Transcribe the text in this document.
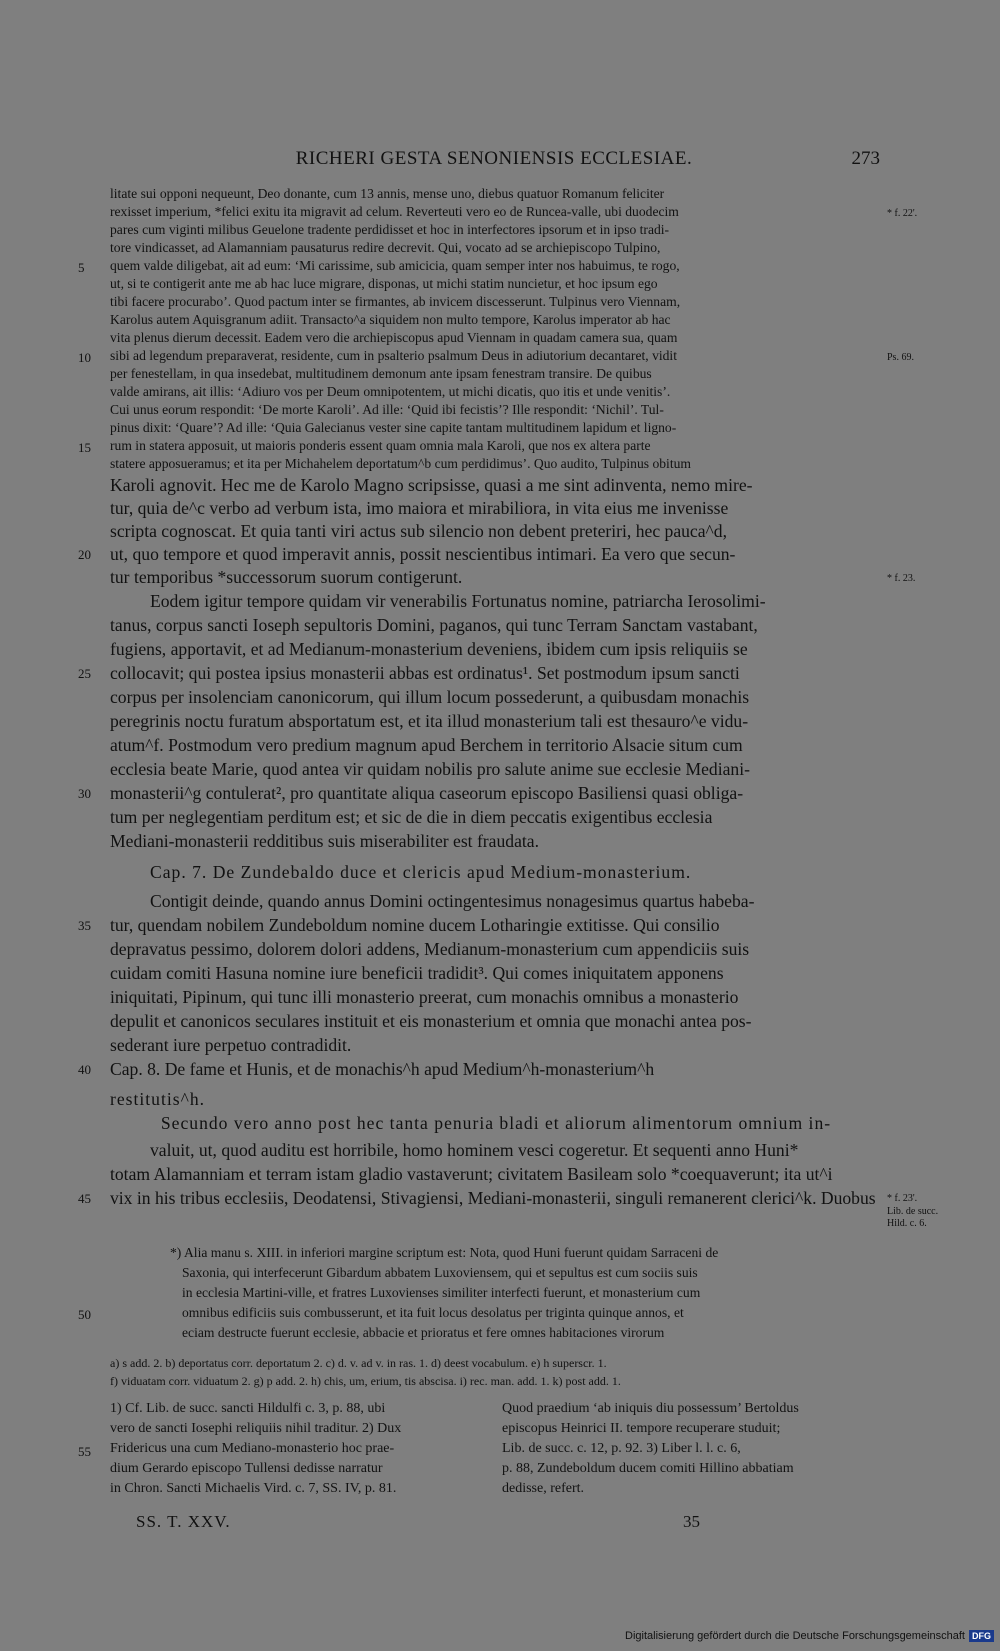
RICHERI GESTA SENONIENSIS ECCLESIAE.	273
litate sui opponi nequeunt, Deo donante, cum 13 annis, mense uno, diebus quatuor Romanum feliciter
rexisset imperium, *felici exitu ita migravit ad celum. Reverteuti vero eo de Runcea-valle, ubi duodecim
pares cum viginti milibus Geuelone tradente perdidisset et hoc in interfectores ipsorum et in ipso tradi-
tore vindicasset, ad Alamanniam pausaturus redire decrevit. Qui, vocato ad se archiepiscopo Tulpino,
quem valde diligebat, ait ad eum: ‘Mi carissime, sub amicicia, quam semper inter nos habuimus, te rogo,
ut, si te contigerit ante me ab hac luce migrare, disponas, ut michi statim nuncietur, et hoc ipsum ego
tibi facere procurabo’. Quod pactum inter se firmantes, ab invicem discesserunt. Tulpinus vero Viennam,
Karolus autem Aquisgranum adiit. Transacto^a siquidem non multo tempore, Karolus imperator ab hac
vita plenus dierum decessit. Eadem vero die archiepiscopus apud Viennam in quadam camera sua, quam
sibi ad legendum preparaverat, residente, cum in psalterio psalmum Deus in adiutorium decantaret, vidit
per fenestellam, in qua insedebat, multitudinem demonum ante ipsam fenestram transire. De quibus
valde amirans, ait illis: ‘Adiuro vos per Deum omnipotentem, ut michi dicatis, quo itis et unde venitis’.
Cui unus eorum respondit: ‘De morte Karoli’. Ad ille: ‘Quid ibi fecistis’? Ille respondit: ‘Nichil’. Tul-
pinus dixit: ‘Quare’? Ad ille: ‘Quia Galecianus vester sine capite tantam multitudinem lapidum et ligno-
rum in statera apposuit, ut maioris ponderis essent quam omnia mala Karoli, que nos ex altera parte
statere apposueramus; et ita per Michahelem deportatum^b cum perdidimus’. Quo audito, Tulpinus obitum
Karoli agnovit. Hec me de Karolo Magno scripsisse, quasi a me sint adinventa, nemo mire-
tur, quia de^c verbo ad verbum ista, imo maiora et mirabiliora, in vita eius me invenisse
scripta cognoscat. Et quia tanti viri actus sub silencio non debent preteriri, hec pauca^d,
ut, quo tempore et quod imperavit annis, possit nescientibus intimari. Ea vero que secun-
tur temporibus *successorum suorum contigerunt.
Eodem igitur tempore quidam vir venerabilis Fortunatus nomine, patriarcha Ierosolimi-
tanus, corpus sancti Ioseph sepultoris Domini, paganos, qui tunc Terram Sanctam vastabant,
fugiens, apportavit, et ad Medianum-monasterium deveniens, ibidem cum ipsis reliquiis se
collocavit; qui postea ipsius monasterii abbas est ordinatus¹. Set postmodum ipsum sancti
corpus per insolenciam canonicorum, qui illum locum possederunt, a quibusdam monachis
peregrinis noctu furatum absportatum est, et ita illud monasterium tali est thesauro^e vidu-
atum^f. Postmodum vero predium magnum apud Berchem in territorio Alsacie situm cum
ecclesia beate Marie, quod antea vir quidam nobilis pro salute anime sue ecclesie Mediani-
monasterii^g contulerat², pro quantitate aliqua caseorum episcopo Basiliensi quasi obliga-
tum per neglegentiam perditum est; et sic de die in diem peccatis exigentibus ecclesia
Mediani-monasterii redditibus suis miserabiliter est fraudata.
Cap. 7. De Zundebaldo duce et clericis apud Medium-monasterium.
Contigit deinde, quando annus Domini octingentesimus nonagesimus quartus habeba-
tur, quendam nobilem Zundeboldum nomine ducem Lotharingie extitisse. Qui consilio
depravatus pessimo, dolorem dolori addens, Medianum-monasterium cum appendiciis suis
cuidam comiti Hasuna nomine iure beneficii tradidit³. Qui comes iniquitatem apponens
iniquitati, Pipinum, qui tunc illi monasterio preerat, cum monachis omnibus a monasterio
depulit et canonicos seculares instituit et eis monasterium et omnia que monachi antea pos-
sederant iure perpetuo contradidit.
Cap. 8. De fame et Hunis, et de monachis^h apud Medium^h-monasterium^h
restitutis^h.
Secundo vero anno post hec tanta penuria bladi et aliorum alimentorum omnium in-
valuit, ut, quod auditu est horribile, homo hominem vesci cogeretur. Et sequenti anno Huni*
totam Alamanniam et terram istam gladio vastaverunt; civitatem Basileam solo *coequaverunt; ita ut^i
vix in his tribus ecclesiis, Deodatensi, Stivagiensi, Mediani-monasterii, singuli remanerent clerici^k. Duobus
5
10
15
20
25
30
35
40
45
50
55
* f. 22'.
Ps. 69.
* f. 23.
* f. 23'.
Lib. de succ.
Hild. c. 6.
*) Alia manu s. XIII. in inferiori margine scriptum est: Nota, quod Huni fuerunt quidam Sarraceni de
Saxonia, qui interfecerunt Gibardum abbatem Luxoviensem, qui et sepultus est cum sociis suis
in ecclesia Martini-ville, et fratres Luxovienses similiter interfecti fuerunt, et monasterium cum
omnibus edificiis suis combusserunt, et ita fuit locus desolatus per triginta quinque annos, et
eciam destructe fuerunt ecclesie, abbacie et prioratus et fere omnes habitaciones virorum
a) s add. 2. b) deportatus corr. deportatum 2. c) d. v. ad v. in ras. 1. d) deest vocabulum. e) h superscr. 1.
f) viduatam corr. viduatum 2. g) p add. 2. h) chis, um, erium, tis abscisa. i) rec. man. add. 1. k) post add. 1.
1) Cf. Lib. de succ. sancti Hildulfi c. 3, p. 88, ubi
vero de sancti Iosephi reliquiis nihil traditur. 2) Dux
Fridericus una cum Mediano-monasterio hoc prae-
dium Gerardo episcopo Tullensi dedisse narratur
in Chron. Sancti Michaelis Vird. c. 7, SS. IV, p. 81.
Quod praedium ‘ab iniquis diu possessum’ Bertoldus
episcopus Heinrici II. tempore recuperare studuit;
Lib. de succ. c. 12, p. 92. 3) Liber l. l. c. 6,
p. 88, Zundeboldum ducem comiti Hillino abbatiam
dedisse, refert.
SS. T. XXV.	35
Digitalisierung gefördert durch die Deutsche Forschungsgemeinschaft DFG
